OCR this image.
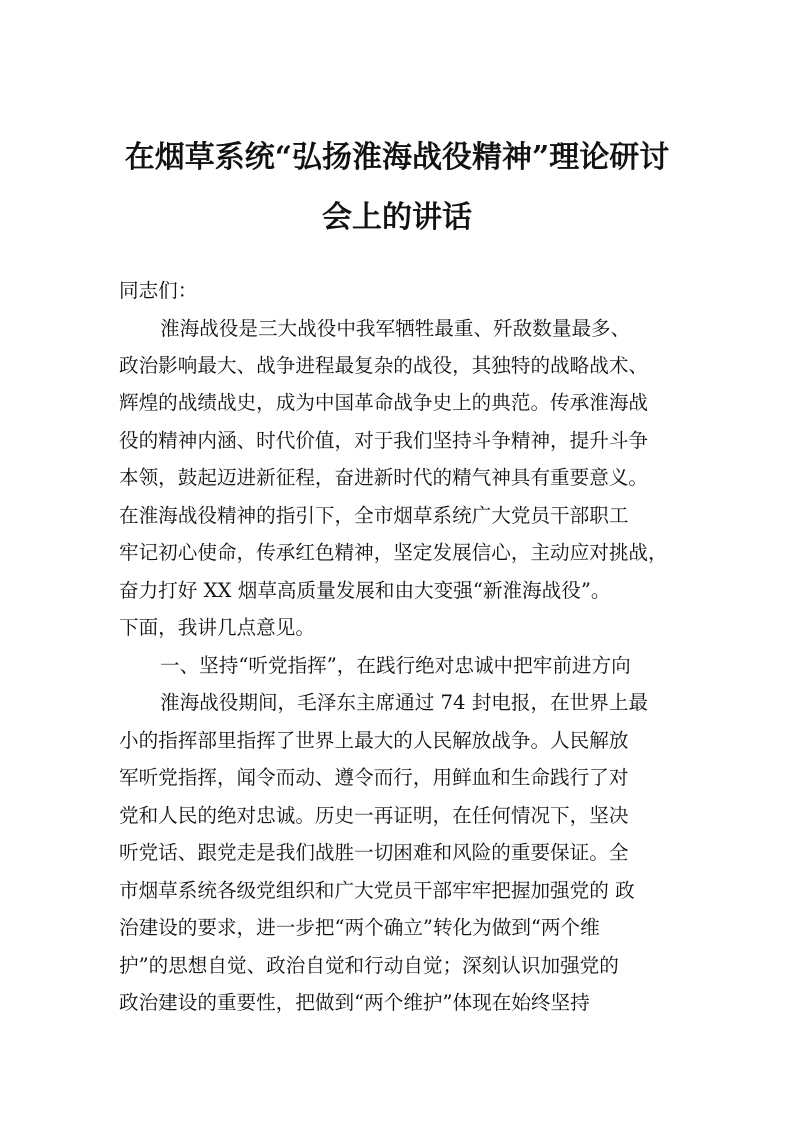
在烟草系统“弘扬淮海战役精神”理论研讨
会上的讲话
同志们：
淮海战役是三大战役中我军牺牲最重、歼敌数量最多、
政治影响最大、战争进程最复杂的战役，其独特的战略战术、
辉煌的战绩战史，成为中国革命战争史上的典范。传承淮海战
役的精神内涵、时代价值，对于我们坚持斗争精神，提升斗争
本领，鼓起迈进新征程，奋进新时代的精气神具有重要意义。
在淮海战役精神的指引下，全市烟草系统广大党员干部职工
牢记初心使命，传承红色精神，坚定发展信心，主动应对挑战，
奋力打好 XX 烟草高质量发展和由大变强“新淮海战役”。
下面，我讲几点意见。
一、坚持“听党指挥”，在践行绝对忠诚中把牢前进方向
淮海战役期间，毛泽东主席通过 74 封电报，在世界上最
小的指挥部里指挥了世界上最大的人民解放战争。人民解放
军听党指挥，闻令而动、遵令而行，用鲜血和生命践行了对
党和人民的绝对忠诚。历史一再证明，在任何情况下，坚决
听党话、跟党走是我们战胜一切困难和风险的重要保证。全
市烟草系统各级党组织和广大党员干部牢牢把握加强党的 政
治建设的要求，进一步把“两个确立”转化为做到“两个维
护”的思想自觉、政治自觉和行动自觉；深刻认识加强党的
政治建设的重要性，把做到“两个维护”体现在始终坚持
